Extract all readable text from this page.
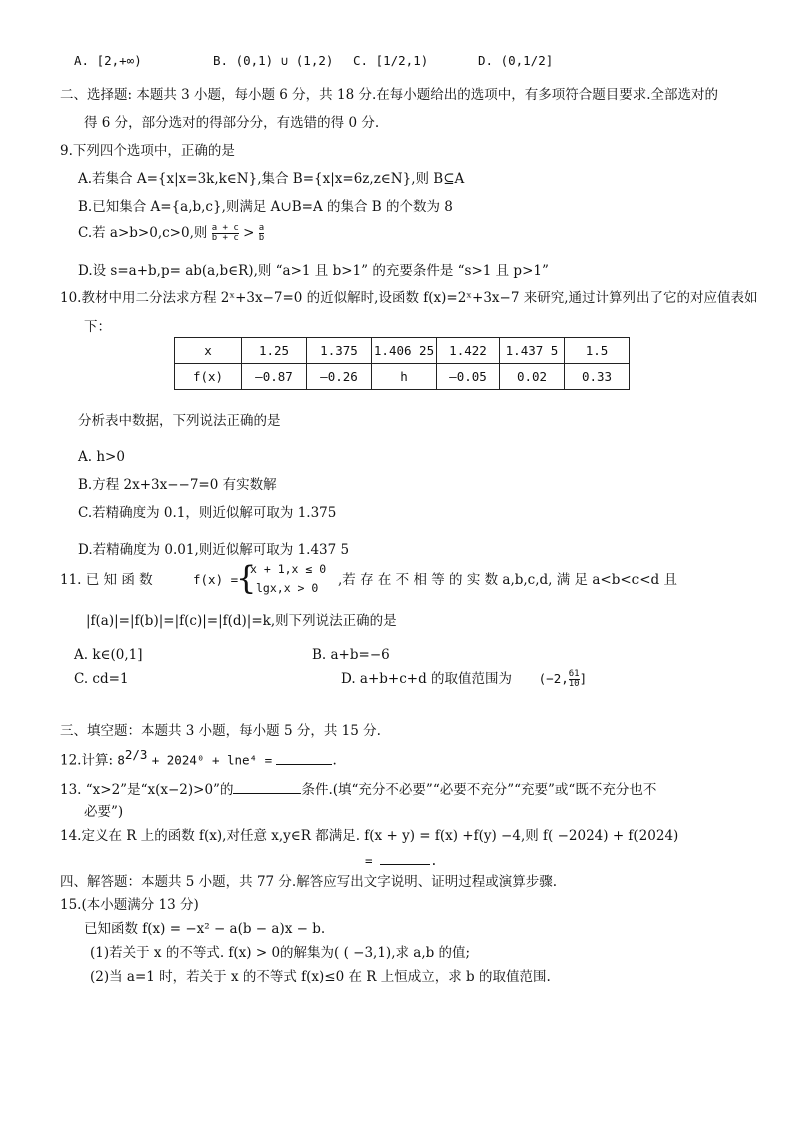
A. [2,+∞)	B. (0,1) ∪ (1,2) C. [1/2,1)	D. (0,1/2]
二、选择题: 本题共 3 小题，每小题 6 分，共 18 分.在每小题给出的选项中，有多项符合题目要求.全部选对的
得 6 分，部分选对的得部分分，有选错的得 0 分.
9.下列四个选项中，正确的是
A.若集合 A={x|x=3k,k∈N},集合 B={x|x=6z,z∈N},则 B⊆A
B.已知集合 A={a,b,c},则满足 A∪B=A 的集合 B 的个数为 8
C.若 a>b>0,c>0,则 $\frac{a + c}{b + c} > \frac{a}{b}$
D.设 s=a+b,p= ab(a,b∈R),则 “a>1 且 b>1” 的充要条件是 “s>1 且 p>1”
10.教材中用二分法求方程 2ˣ+3x−7=0 的近似解时,设函数 f(x)=2ˣ+3x−7 来研究,通过计算列出了它的对应值表如
下：
x	1.25	1.375	1.406 25	1.422	1.437 5	1.5
f(x)	—0.87	—0.26	h	—0.05	0.02	0.33
分析表中数据，下列说法正确的是
A. h>0
B.方程 2x+3x−−7=0 有实数解
C.若精确度为 0.1，则近似解可取为 1.375
D.若精确度为 0.01,则近似解可取为 1.437 5
11. 已 知 函 数	f(x) =
{
x + 1,x ≤ 0
lgx,x > 0 ,若 存 在 不 相 等 的 实 数 a,b,c,d, 满 足 a<b<c<d 且
|f(a)|=|f(b)|=|f(c)|=|f(d)|=k,则下列说法正确的是
A. k∈(0,1]	B. a+b=−6
C. cd=1	D. a+b+c+d 的取值范围为 (−2, $\frac{61}{10}$ ]
三、填空题：本题共 3 小题，每小题 5 分，共 15 分.
12.计算: $8^{2/3} + 2024^0 + \ln e^4$ =	.
13. “x>2”是“x(x−2)>0”的	条件.(填“充分不必要”“必要不充分”“充要”或“既不充分也不
必要”)
14.定义在 R 上的函数 f(x),对任意 x,y∈R 都满足. f(x + y) = f(x) +f(y) −4,则 f( −2024) + f(2024)
=	.
四、解答题：本题共 5 小题，共 77 分.解答应写出文字说明、证明过程或演算步骤.
15.(本小题满分 13 分)
已知函数 f(x) = −x² − a(b − a)x − b.
(1)若关于 x 的不等式. f(x) > 0的解集为( ( −3,1),求 a,b 的值;
(2)当 a=1 时，若关于 x 的不等式 f(x)≤0 在 R 上恒成立，求 b 的取值范围.
